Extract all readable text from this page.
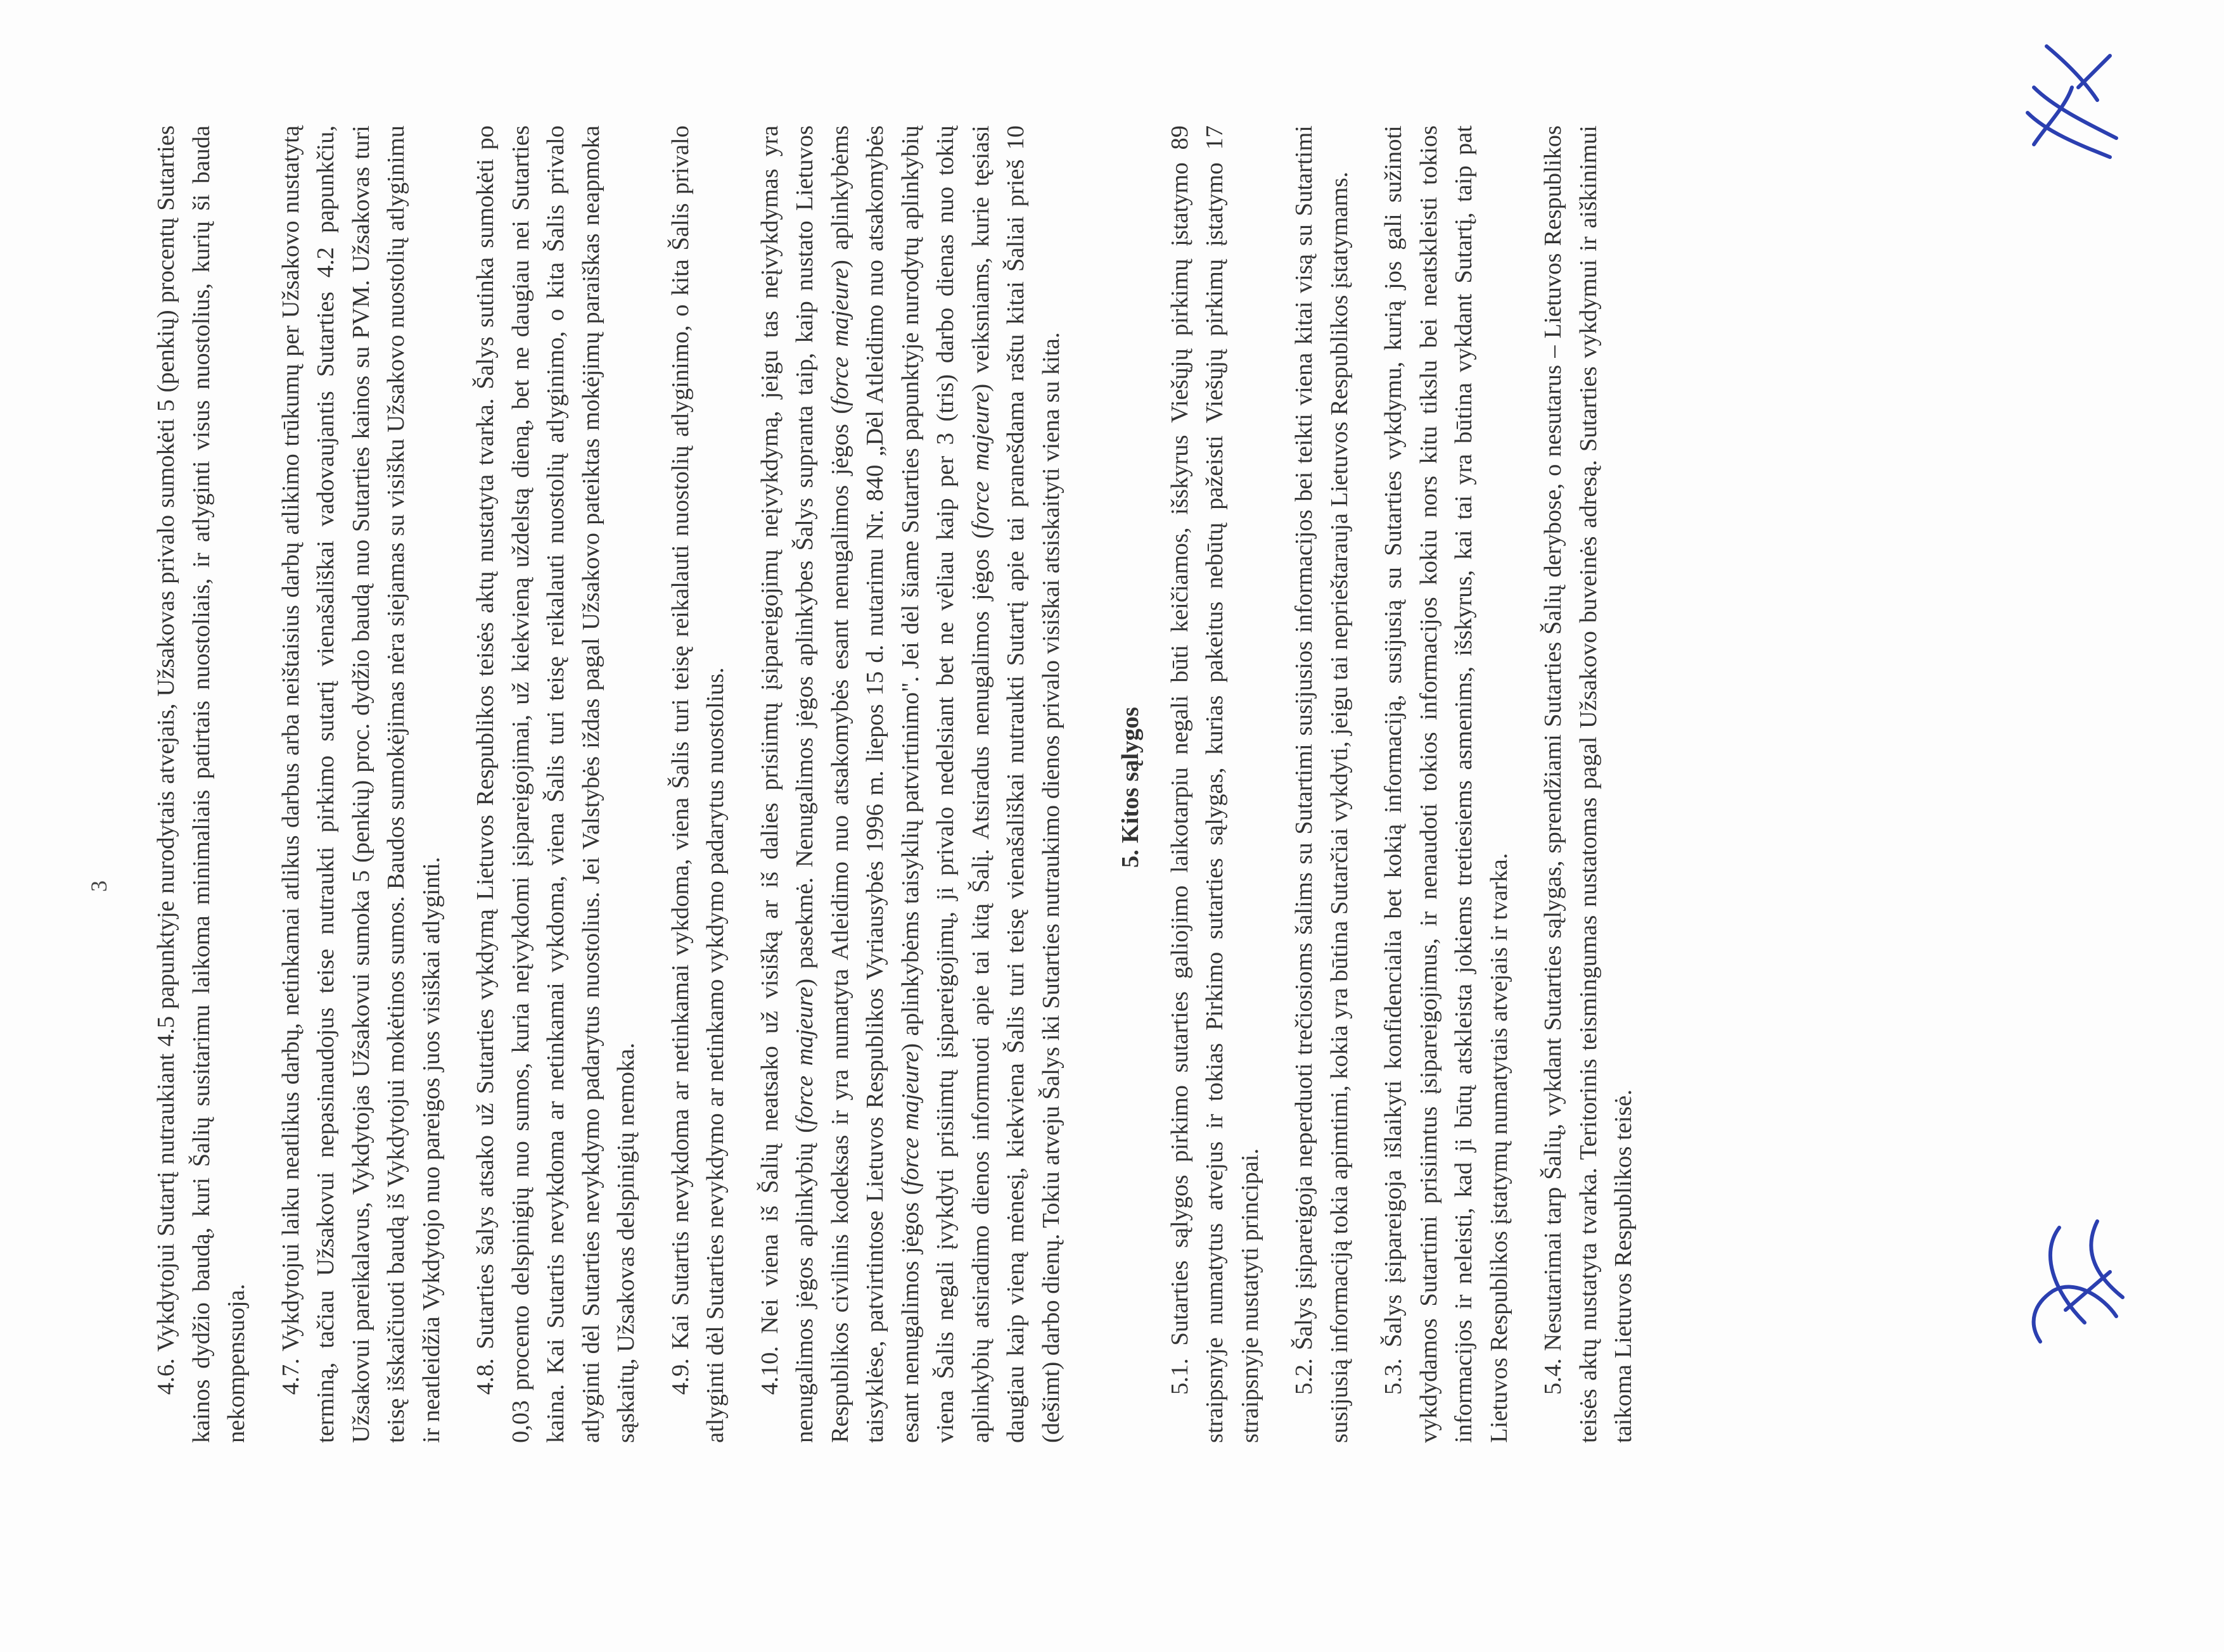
3 4.6. Vykdytojui Sutartį nutraukiant 4.5 papunktyje nurodytais atvejais, Užsakovas privalo sumokėti 5 (penkių) procentų Sutarties kainos dydžio baudą, kuri Šalių susitarimu laikoma minimaliais patirtais nuostoliais, ir atlyginti visus nuostolius, kurių ši bauda nekompensuoja. 4.7. Vykdytojui laiku neatlikus darbų, netinkamai atlikus darbus arba neištaisius darbų atlikimo trūkumų per Užsakovo nustatytą terminą, tačiau Užsakovui nepasinaudojus teise nutraukti pirkimo sutartį vienašališkai vadovaujantis Sutarties 4.2 papunkčiu, Užsakovui pareikalavus, Vykdytojas Užsakovui sumoka 5 (penkių) proc. dydžio baudą nuo Sutarties kainos su PVM. Užsakovas turi teisę išskaičiuoti baudą iš Vykdytojui mokėtinos sumos. Baudos sumokėjimas nėra siejamas su visišku Užsakovo nuostolių atlyginimu ir neatleidžia Vykdytojo nuo pareigos juos visiškai atlyginti. 4.8. Sutarties šalys atsako už Sutarties vykdymą Lietuvos Respublikos teisės aktų nustatyta tvarka. Šalys sutinka sumokėti po 0,03 procento delspinigių nuo sumos, kuria neįvykdomi įsipareigojimai, už kiekvieną uždelstą dieną, bet ne daugiau nei Sutarties kaina. Kai Sutartis nevykdoma ar netinkamai vykdoma, viena Šalis turi teisę reikalauti nuostolių atlyginimo, o kita Šalis privalo atlyginti dėl Sutarties nevykdymo padarytus nuostolius. Jei Valstybės iždas pagal Užsakovo pateiktas mokėjimų paraiškas neapmoka sąskaitų, Užsakovas delspinigių nemoka. 4.9. Kai Sutartis nevykdoma ar netinkamai vykdoma, viena Šalis turi teisę reikalauti nuostolių atlyginimo, o kita Šalis privalo atlyginti dėl Sutarties nevykdymo ar netinkamo vykdymo padarytus nuostolius. 4.10. Nei viena iš Šalių neatsako už visišką ar iš dalies prisiimtų įsipareigojimų neįvykdymą, jeigu tas neįvykdymas yra nenugalimos jėgos aplinkybių (force majeure) pasekmė. Nenugalimos jėgos aplinkybes Šalys supranta taip, kaip nustato Lietuvos Respublikos civilinis kodeksas ir yra numatyta Atleidimo nuo atsakomybės esant nenugalimos jėgos (force majeure) aplinkybėms taisyklėse, patvirtintose Lietuvos Respublikos Vyriausybės 1996 m. liepos 15 d. nutarimu Nr. 840 „Dėl Atleidimo nuo atsakomybės esant nenugalimos jėgos (force majeure) aplinkybėms taisyklių patvirtinimo". Jei dėl šiame Sutarties papunktyje nurodytų aplinkybių viena Šalis negali įvykdyti prisiimtų įsipareigojimų, ji privalo nedelsiant bet ne vėliau kaip per 3 (tris) darbo dienas nuo tokių aplinkybių atsiradimo dienos informuoti apie tai kitą Šalį. Atsiradus nenugalimos jėgos (force majeure) veiksniams, kurie tęsiasi daugiau kaip vieną mėnesį, kiekviena Šalis turi teisę vienašališkai nutraukti Sutartį apie tai pranešdama raštu kitai Šaliai prieš 10 (dešimt) darbo dienų. Tokiu atveju Šalys iki Sutarties nutraukimo dienos privalo visiškai atsiskaityti viena su kita. 5.Kitos sąlygos 5.1. Sutarties sąlygos pirkimo sutarties galiojimo laikotarpiu negali būti keičiamos, išskyrus Viešųjų pirkimų įstatymo 89 straipsnyje numatytus atvejus ir tokias Pirkimo sutarties sąlygas, kurias pakeitus nebūtų pažeisti Viešųjų pirkimų įstatymo 17 straipsnyje nustatyti principai. 5.2. Šalys įsipareigoja neperduoti trečiosioms šalims su Sutartimi susijusios informacijos bei teikti viena kitai visą su Sutartimi susijusią informaciją tokia apimtimi, kokia yra būtina Sutarčiai vykdyti, jeigu tai neprieštarauja Lietuvos Respublikos įstatymams. 5.3. Šalys įsipareigoja išlaikyti konfidencialia bet kokią informaciją, susijusią su Sutarties vykdymu, kurią jos gali sužinoti vykdydamos Sutartimi prisiimtus įsipareigojimus, ir nenaudoti tokios informacijos kokiu nors kitu tikslu bei neatskleisti tokios informacijos ir neleisti, kad ji būtų atskleista jokiems tretiesiems asmenims, išskyrus, kai tai yra būtina vykdant Sutartį, taip pat Lietuvos Respublikos įstatymų numatytais atvejais ir tvarka. 5.4. Nesutarimai tarp Šalių, vykdant Sutarties sąlygas, sprendžiami Sutarties Šalių derybose, o nesutarus – Lietuvos Respublikos teisės aktų nustatyta tvarka. Teritorinis teismingumas nustatomas pagal Užsakovo buveinės adresą. Sutarties vykdymui ir aiškinimui taikoma Lietuvos Respublikos teisė.
